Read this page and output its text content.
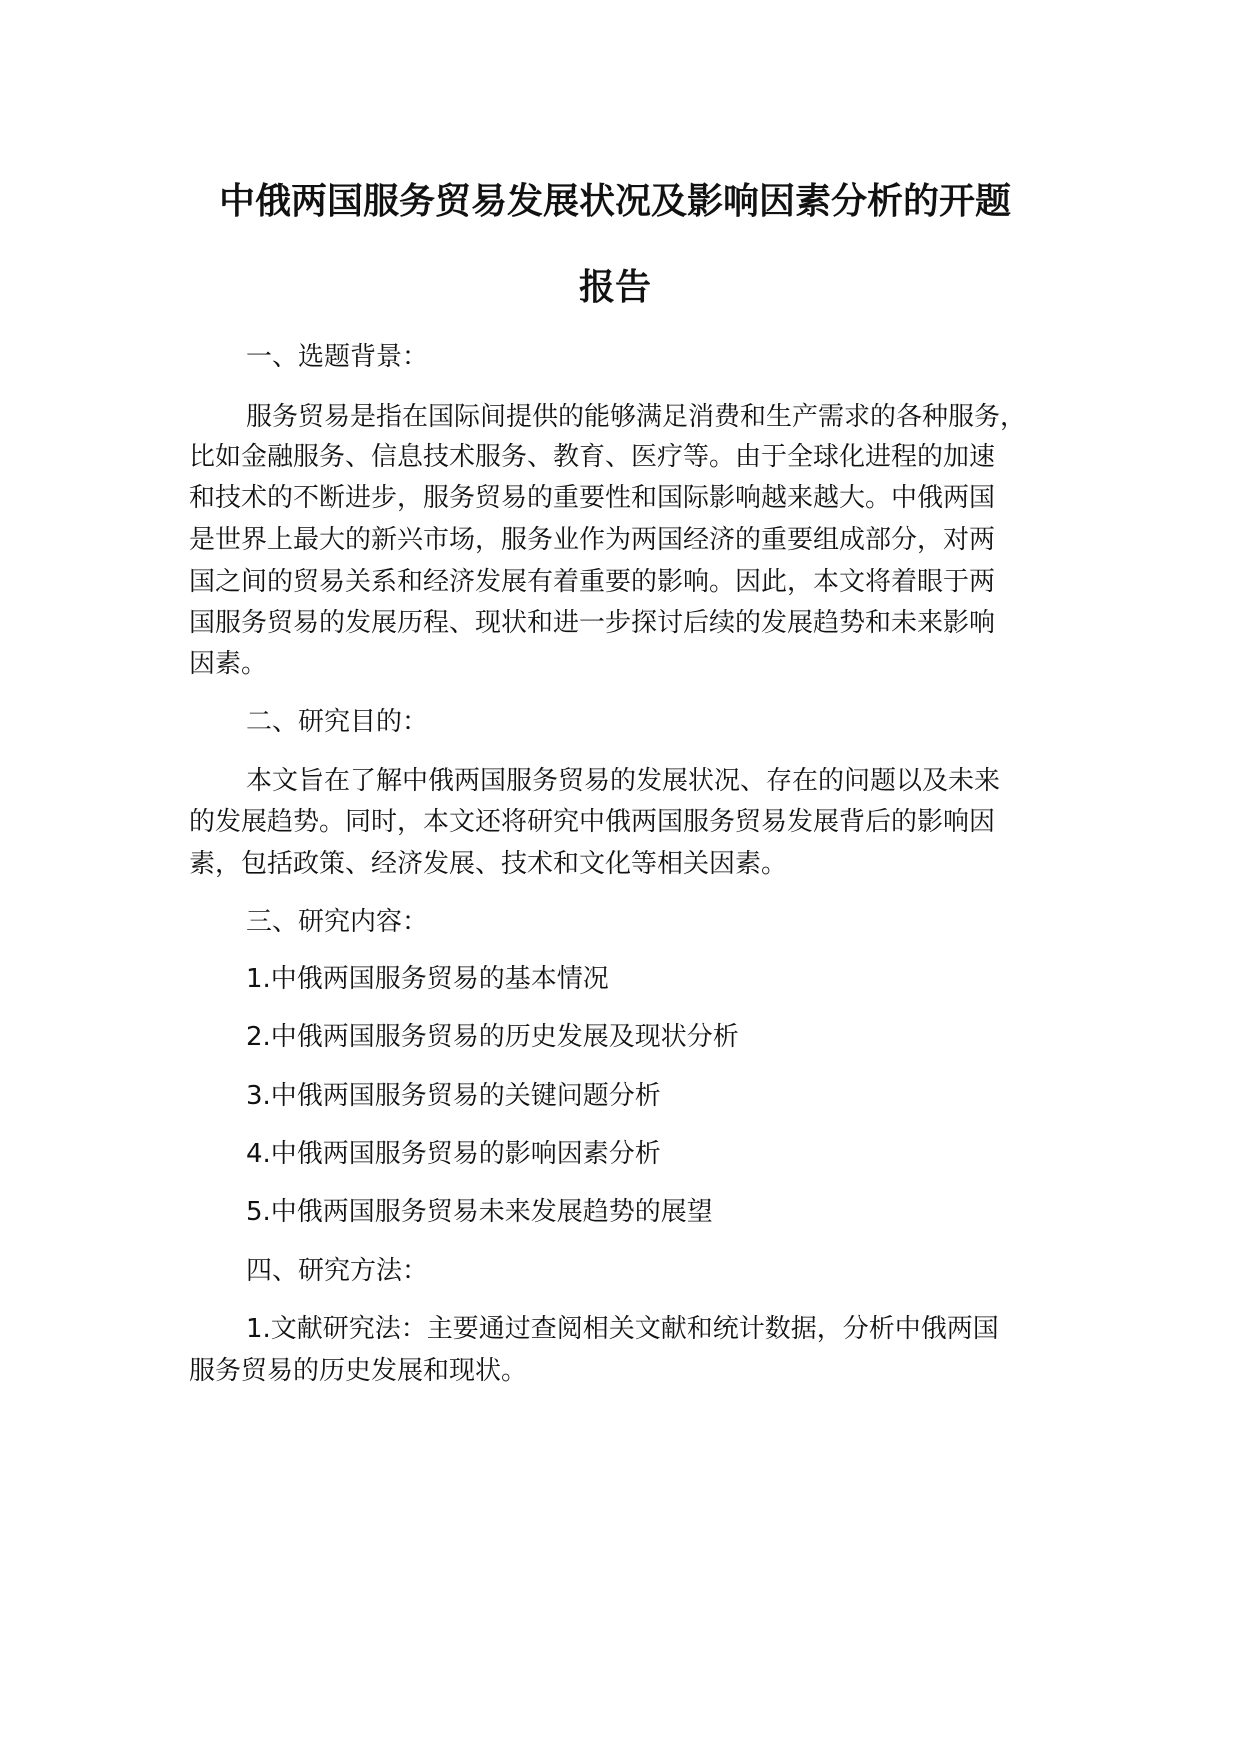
中俄两国服务贸易发展状况及影响因素分析的开题
报告
一、选题背景：
服务贸易是指在国际间提供的能够满足消费和生产需求的各种服务，
比如金融服务、信息技术服务、教育、医疗等。由于全球化进程的加速
和技术的不断进步，服务贸易的重要性和国际影响越来越大。中俄两国
是世界上最大的新兴市场，服务业作为两国经济的重要组成部分，对两
国之间的贸易关系和经济发展有着重要的影响。因此，本文将着眼于两
国服务贸易的发展历程、现状和进一步探讨后续的发展趋势和未来影响
因素。
二、研究目的：
本文旨在了解中俄两国服务贸易的发展状况、存在的问题以及未来
的发展趋势。同时，本文还将研究中俄两国服务贸易发展背后的影响因
素，包括政策、经济发展、技术和文化等相关因素。
三、研究内容：
1.中俄两国服务贸易的基本情况
2.中俄两国服务贸易的历史发展及现状分析
3.中俄两国服务贸易的关键问题分析
4.中俄两国服务贸易的影响因素分析
5.中俄两国服务贸易未来发展趋势的展望
四、研究方法：
1.文献研究法：主要通过查阅相关文献和统计数据，分析中俄两国
服务贸易的历史发展和现状。
